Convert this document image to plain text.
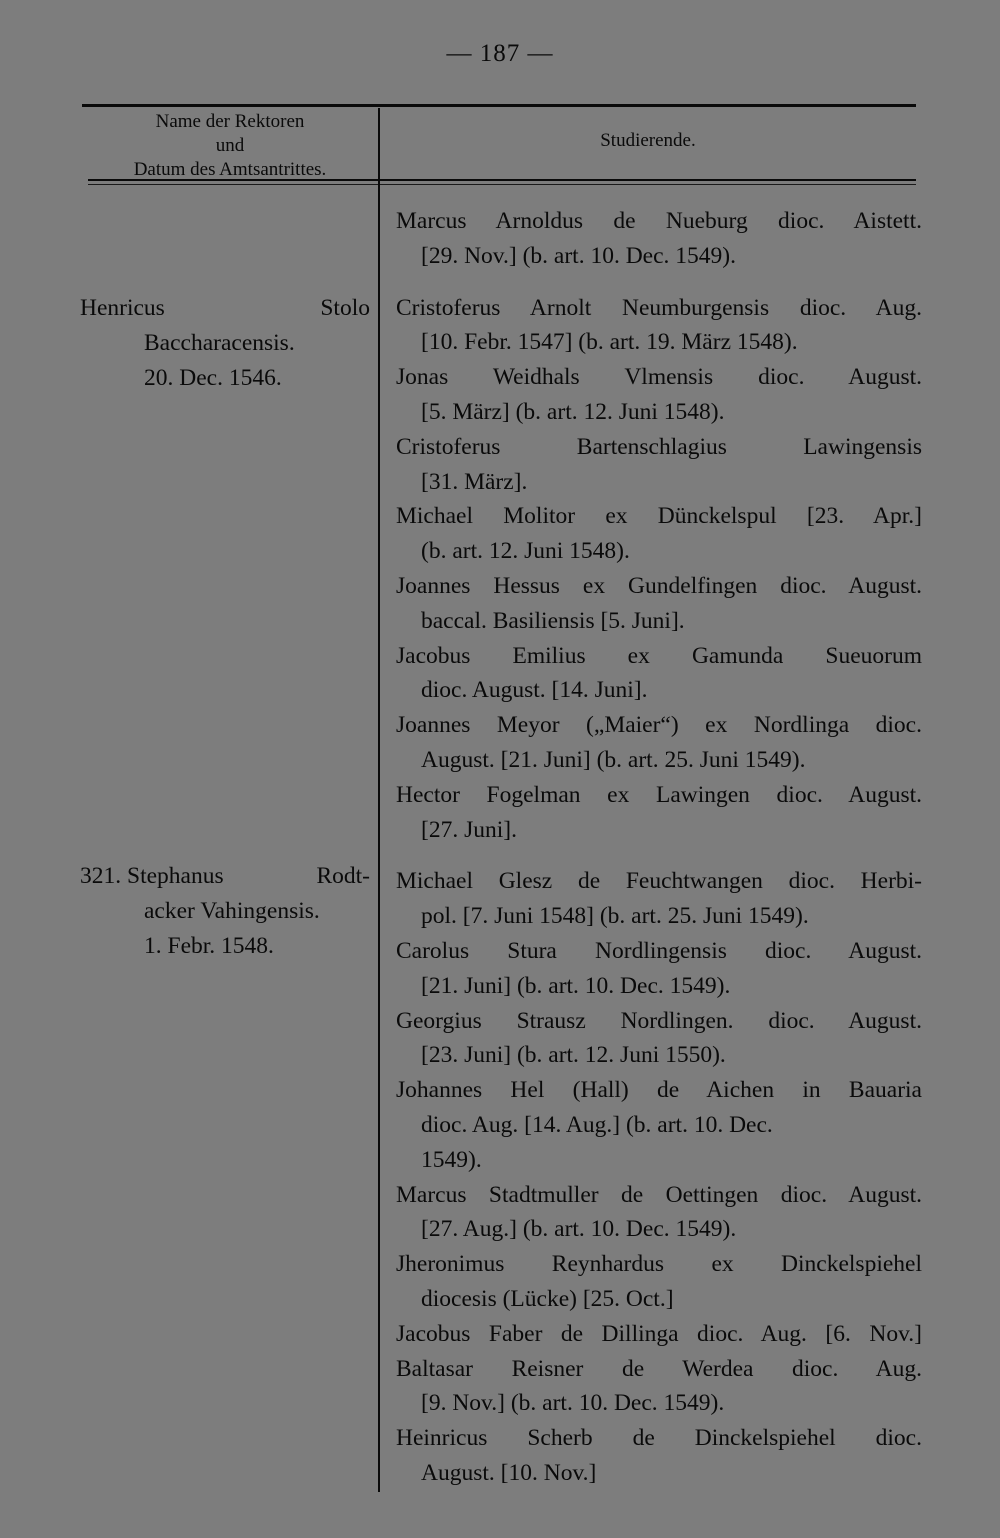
— 187 —
Name der Rektoren
und
Datum des Amtsantrittes.
Studierende.
Henricus	Stolo
Baccharacensis.
20. Dec. 1546.
321. Stephanus	Rodt-
acker Vahingensis.
1. Febr. 1548.
Marcus Arnoldus de Nueburg dioc. Aistett.
[29. Nov.] (b. art. 10. Dec. 1549).
Cristoferus Arnolt Neumburgensis dioc. Aug.
[10. Febr. 1547] (b. art. 19. März 1548).
Jonas Weidhals Vlmensis dioc. August.
[5. März] (b. art. 12. Juni 1548).
Cristoferus Bartenschlagius Lawingensis
[31. März].
Michael Molitor ex Dünckelspul [23. Apr.]
(b. art. 12. Juni 1548).
Joannes Hessus ex Gundelfingen dioc. August.
baccal. Basiliensis [5. Juni].
Jacobus Emilius ex Gamunda Sueuorum
dioc. August. [14. Juni].
Joannes Meyor („Maier“) ex Nordlinga dioc.
August. [21. Juni] (b. art. 25. Juni 1549).
Hector Fogelman ex Lawingen dioc. August.
[27. Juni].
Michael Glesz de Feuchtwangen dioc. Herbi-
pol. [7. Juni 1548] (b. art. 25. Juni 1549).
Carolus Stura Nordlingensis dioc. August.
[21. Juni] (b. art. 10. Dec. 1549).
Georgius Strausz Nordlingen. dioc. August.
[23. Juni] (b. art. 12. Juni 1550).
Johannes Hel (Hall) de Aichen in Bauaria
dioc. Aug. [14. Aug.] (b. art. 10. Dec.
1549).
Marcus Stadtmuller de Oettingen dioc. August.
[27. Aug.] (b. art. 10. Dec. 1549).
Jheronimus Reynhardus ex Dinckelspiehel
diocesis (Lücke) [25. Oct.]
Jacobus Faber de Dillinga dioc. Aug. [6. Nov.]
Baltasar Reisner de Werdea dioc. Aug.
[9. Nov.] (b. art. 10. Dec. 1549).
Heinricus Scherb de Dinckelspiehel dioc.
August. [10. Nov.]
